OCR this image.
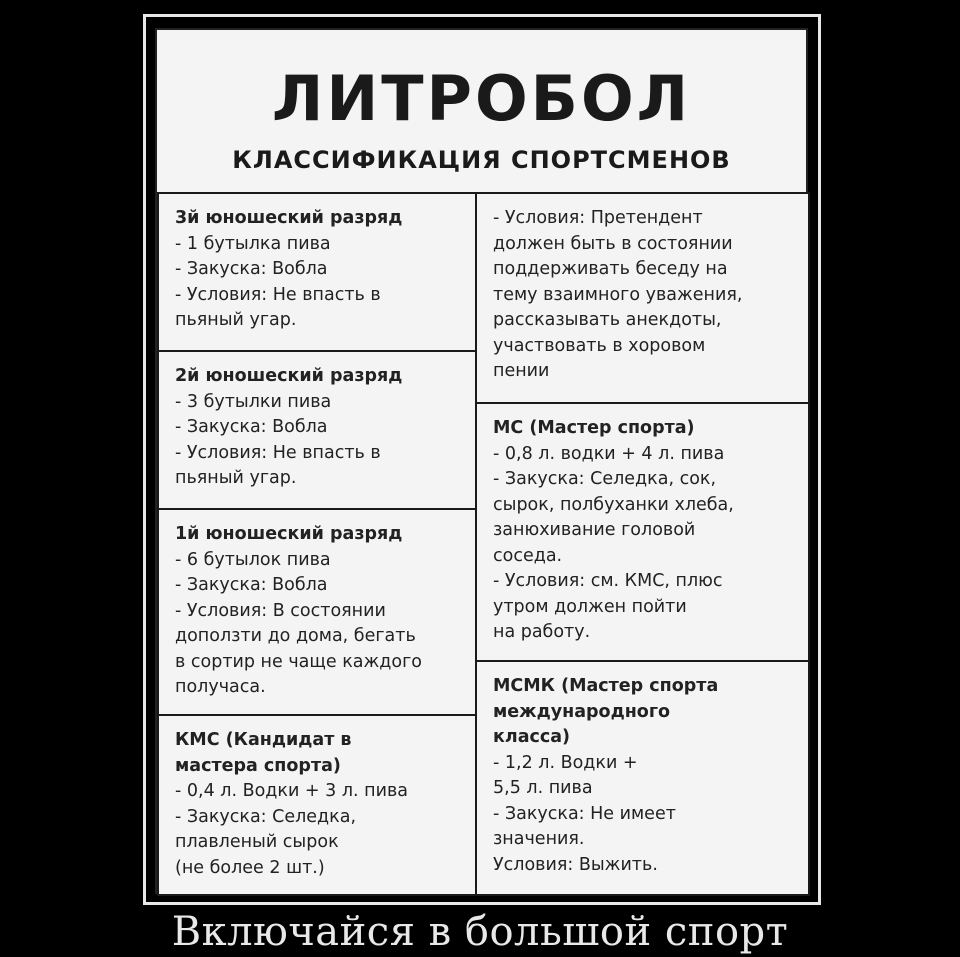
ЛИТРОБОЛ
КЛАССИФИКАЦИЯ СПОРТСМЕНОВ
3й юношеский разряд
- 1 бутылка пива
- Закуска: Вобла
- Условия: Не впасть в
пьяный угар.
2й юношеский разряд
- 3 бутылки пива
- Закуска: Вобла
- Условия: Не впасть в
пьяный угар.
1й юношеский разряд
- 6 бутылок пива
- Закуска: Вобла
- Условия: В состоянии
доползти до дома, бегать
в сортир не чаще каждого
получаса.
КМС (Кандидат в
мастера спорта)
- 0,4 л. Водки + 3 л. пива
- Закуска: Селедка,
плавленый сырок
(не более 2 шт.)
- Условия: Претендент
должен быть в состоянии
поддерживать беседу на
тему взаимного уважения,
рассказывать анекдоты,
участвовать в хоровом
пении
МС (Мастер спорта)
- 0,8 л. водки + 4 л. пива
- Закуска: Селедка, сок,
сырок, полбуханки хлеба,
занюхивание головой
соседа.
- Условия: см. КМС, плюс
утром должен пойти
на работу.
МСМК (Мастер спорта
международного
класса)
- 1,2 л. Водки +
5,5 л. пива
- Закуска: Не имеет
значения.
Условия: Выжить.
Включайся в большой спорт
